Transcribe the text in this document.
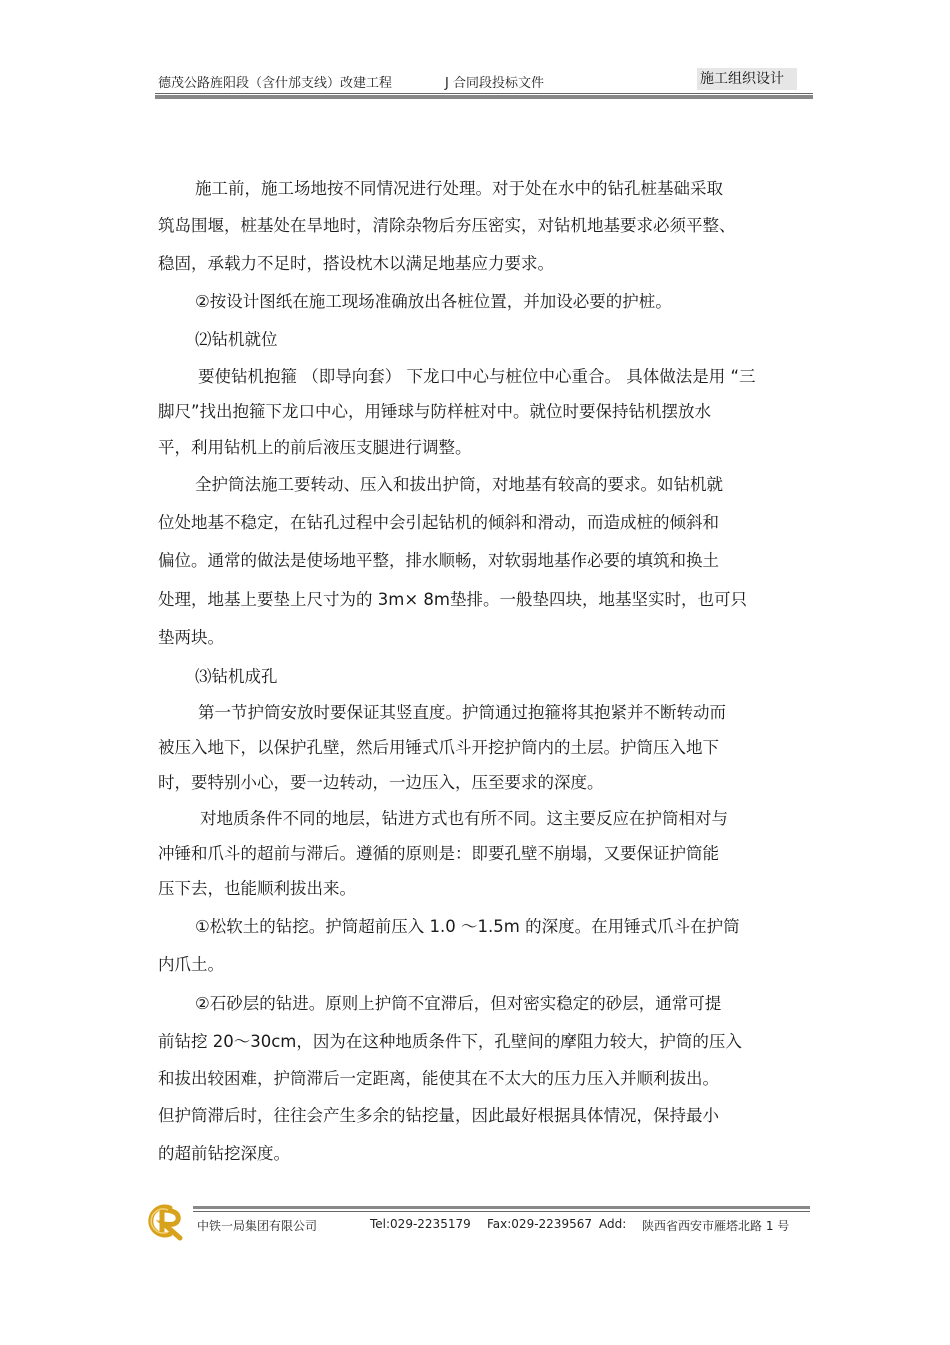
德茂公路旌阳段（含什邡支线）改建工程	J 合同段投标文件	施工组织设计
施工前，施工场地按不同情况进行处理。对于处在水中的钻孔桩基础采取
筑岛围堰，桩基处在旱地时，清除杂物后夯压密实，对钻机地基要求必须平整、
稳固，承载力不足时，搭设枕木以满足地基应力要求。
②按设计图纸在施工现场准确放出各桩位置，并加设必要的护桩。
⑵钻机就位
要使钻机抱箍 （即导向套） 下龙口中心与桩位中心重合。 具体做法是用 “三
脚尺”找出抱箍下龙口中心，用锤球与防样桩对中。就位时要保持钻机摆放水
平，利用钻机上的前后液压支腿进行调整。
全护筒法施工要转动、压入和拔出护筒，对地基有较高的要求。如钻机就
位处地基不稳定，在钻孔过程中会引起钻机的倾斜和滑动，而造成桩的倾斜和
偏位。通常的做法是使场地平整，排水顺畅，对软弱地基作必要的填筑和换土
处理，地基上要垫上尺寸为的 3m× 8m垫排。一般垫四块，地基坚实时，也可只
垫两块。
⑶钻机成孔
第一节护筒安放时要保证其竖直度。护筒通过抱箍将其抱紧并不断转动而
被压入地下，以保护孔壁，然后用锤式爪斗开挖护筒内的土层。护筒压入地下
时，要特别小心，要一边转动，一边压入，压至要求的深度。
对地质条件不同的地层，钻进方式也有所不同。这主要反应在护筒相对与
冲锤和爪斗的超前与滞后。遵循的原则是：即要孔壁不崩塌，又要保证护筒能
压下去，也能顺利拔出来。
①松软土的钻挖。护筒超前压入 1.0 ～1.5m 的深度。在用锤式爪斗在护筒
内爪土。
②石砂层的钻进。原则上护筒不宜滞后，但对密实稳定的砂层，通常可提
前钻挖 20～30cm，因为在这种地质条件下，孔壁间的摩阻力较大，护筒的压入
和拔出较困难，护筒滞后一定距离，能使其在不太大的压力压入并顺利拔出。
但护筒滞后时，往往会产生多余的钻挖量，因此最好根据具体情况，保持最小
的超前钻挖深度。
中铁一局集团有限公司	Tel:029-2235179 Fax:029-2239567 Add: 陕西省西安市雁塔北路 1 号
